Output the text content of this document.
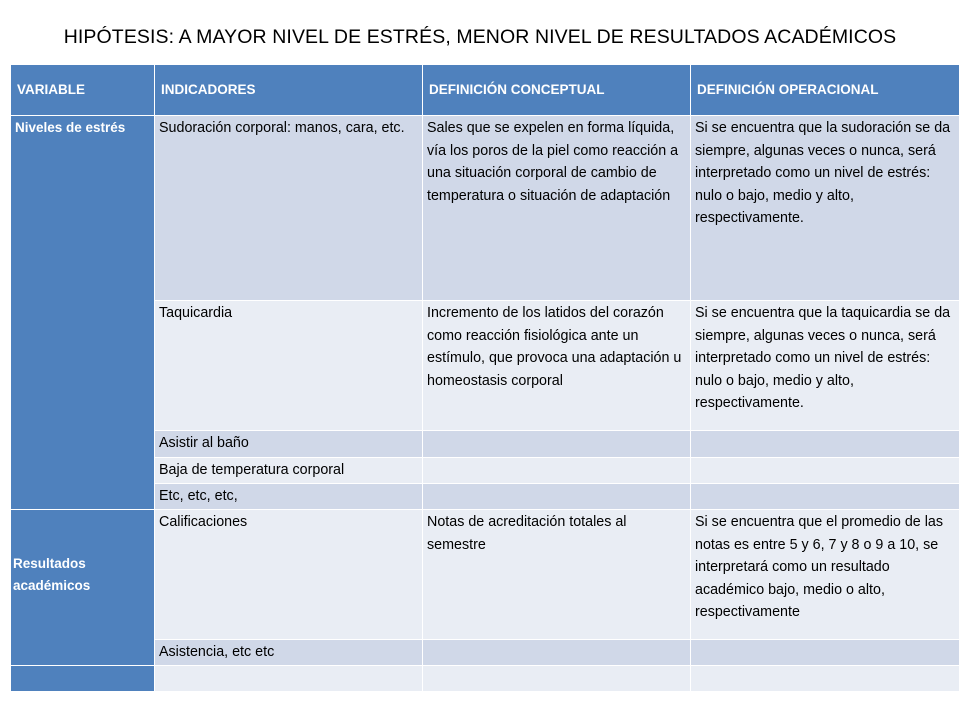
HIPÓTESIS: A MAYOR NIVEL DE ESTRÉS, MENOR NIVEL DE RESULTADOS ACADÉMICOS
VARIABLE	INDICADORES	DEFINICIÓN CONCEPTUAL	DEFINICIÓN OPERACIONAL
Niveles de estrés	Sudoración corporal: manos, cara, etc.	Sales que se expelen en forma líquida, vía los poros de la piel como reacción a una situación corporal de cambio de temperatura o situación de adaptación	Si se encuentra que la sudoración se da siempre, algunas veces o nunca, será interpretado como un nivel de estrés: nulo o bajo, medio y alto, respectivamente.
	Taquicardia	Incremento de los latidos del corazón como reacción fisiológica ante un estímulo, que provoca una adaptación u homeostasis corporal	Si se encuentra que la taquicardia se da siempre, algunas veces o nunca, será interpretado como un nivel de estrés: nulo o bajo, medio y alto, respectivamente.
	Asistir al baño		
	Baja de temperatura corporal		
	Etc, etc, etc,		
Resultados académicos	Calificaciones	Notas de acreditación totales al semestre	Si se encuentra que el promedio de las notas es entre 5 y 6, 7 y 8 o 9 a 10, se interpretará como un resultado académico bajo, medio o alto, respectivamente
	Asistencia, etc etc		
